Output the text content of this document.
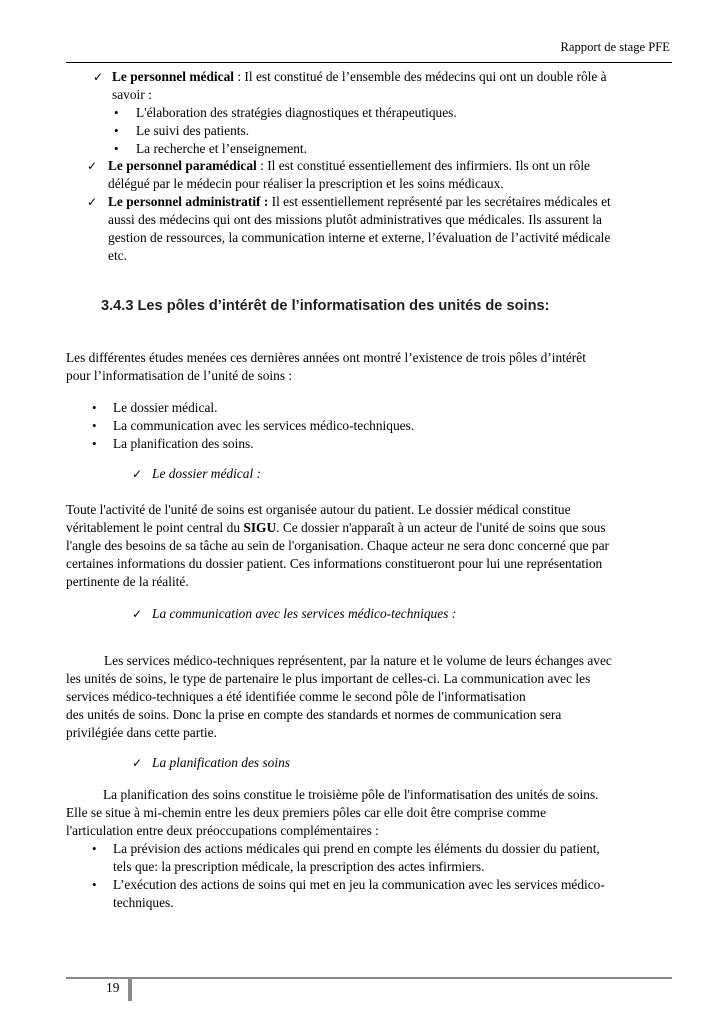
Rapport de stage PFE
✓ Le personnel médical : Il est constitué de l’ensemble des médecins qui ont un double rôle à
savoir :
• L'élaboration des stratégies diagnostiques et thérapeutiques.
• Le suivi des patients.
• La recherche et l’enseignement.
✓ Le personnel paramédical : Il est constitué essentiellement des infirmiers. Ils ont un rôle
délégué par le médecin pour réaliser la prescription et les soins médicaux.
✓ Le personnel administratif : Il est essentiellement représenté par les secrétaires médicales et
aussi des médecins qui ont des missions plutôt administratives que médicales. Ils assurent la
gestion de ressources, la communication interne et externe, l’évaluation de l’activité médicale
etc.
3.4.3 Les pôles d’intérêt de l’informatisation des unités de soins:
Les différentes études menées ces dernières années ont montré l’existence de trois pôles d’intérêt
pour l’informatisation de l’unité de soins :
• Le dossier médical.
• La communication avec les services médico-techniques.
• La planification des soins.
✓ Le dossier médical :
Toute l'activité de l'unité de soins est organisée autour du patient. Le dossier médical constitue
véritablement le point central du SIGU. Ce dossier n'apparaît à un acteur de l'unité de soins que sous
l'angle des besoins de sa tâche au sein de l'organisation. Chaque acteur ne sera donc concerné que par
certaines informations du dossier patient. Ces informations constitueront pour lui une représentation
pertinente de la réalité.
✓ La communication avec les services médico-techniques :
Les services médico-techniques représentent, par la nature et le volume de leurs échanges avec
les unités de soins, le type de partenaire le plus important de celles-ci. La communication avec les
services médico-techniques a été identifiée comme le second pôle de l'informatisation
des unités de soins. Donc la prise en compte des standards et normes de communication sera
privilégiée dans cette partie.
✓ La planification des soins
La planification des soins constitue le troisième pôle de l'informatisation des unités de soins.
Elle se situe à mi-chemin entre les deux premiers pôles car elle doit être comprise comme
l'articulation entre deux préoccupations complémentaires :
• La prévision des actions médicales qui prend en compte les éléments du dossier du patient,
tels que: la prescription médicale, la prescription des actes infirmiers.
• L’exécution des actions de soins qui met en jeu la communication avec les services médico-
techniques.
19
